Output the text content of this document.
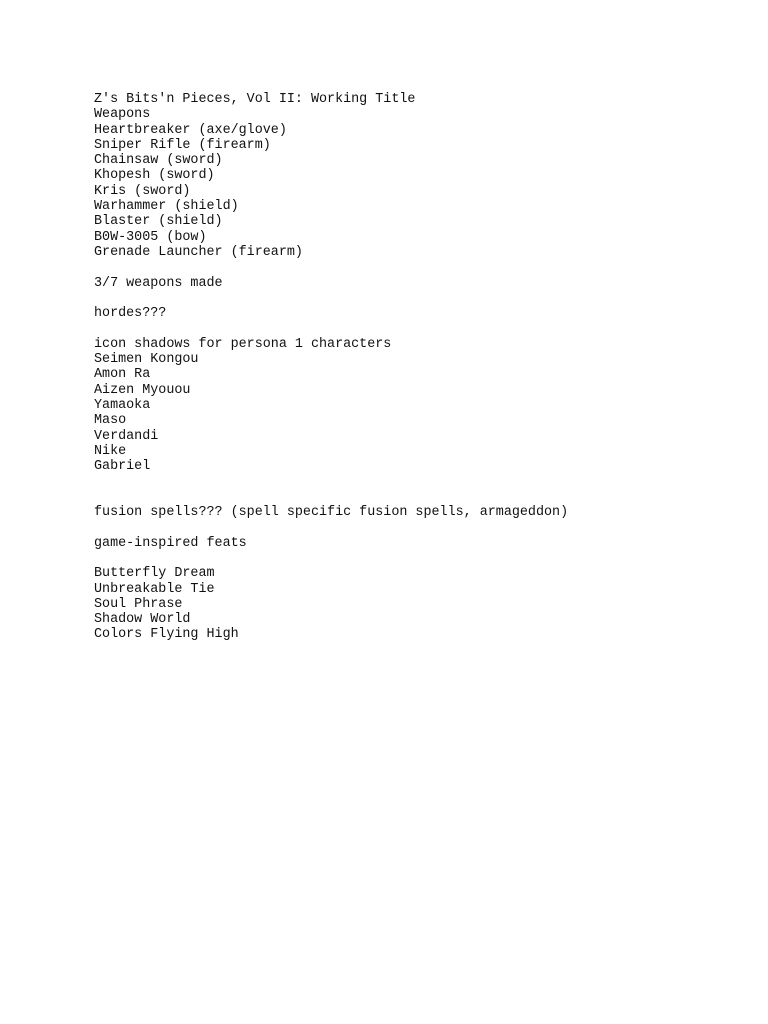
Z's Bits'n Pieces, Vol II: Working Title
Weapons
Heartbreaker (axe/glove)
Sniper Rifle (firearm)
Chainsaw (sword)
Khopesh (sword)
Kris (sword)
Warhammer (shield)
Blaster (shield)
B0W-3005 (bow)
Grenade Launcher (firearm)
3/7 weapons made
hordes???
icon shadows for persona 1 characters
Seimen Kongou
Amon Ra
Aizen Myouou
Yamaoka
Maso
Verdandi
Nike
Gabriel
fusion spells??? (spell specific fusion spells, armageddon)
game-inspired feats
Butterfly Dream
Unbreakable Tie
Soul Phrase
Shadow World
Colors Flying High
